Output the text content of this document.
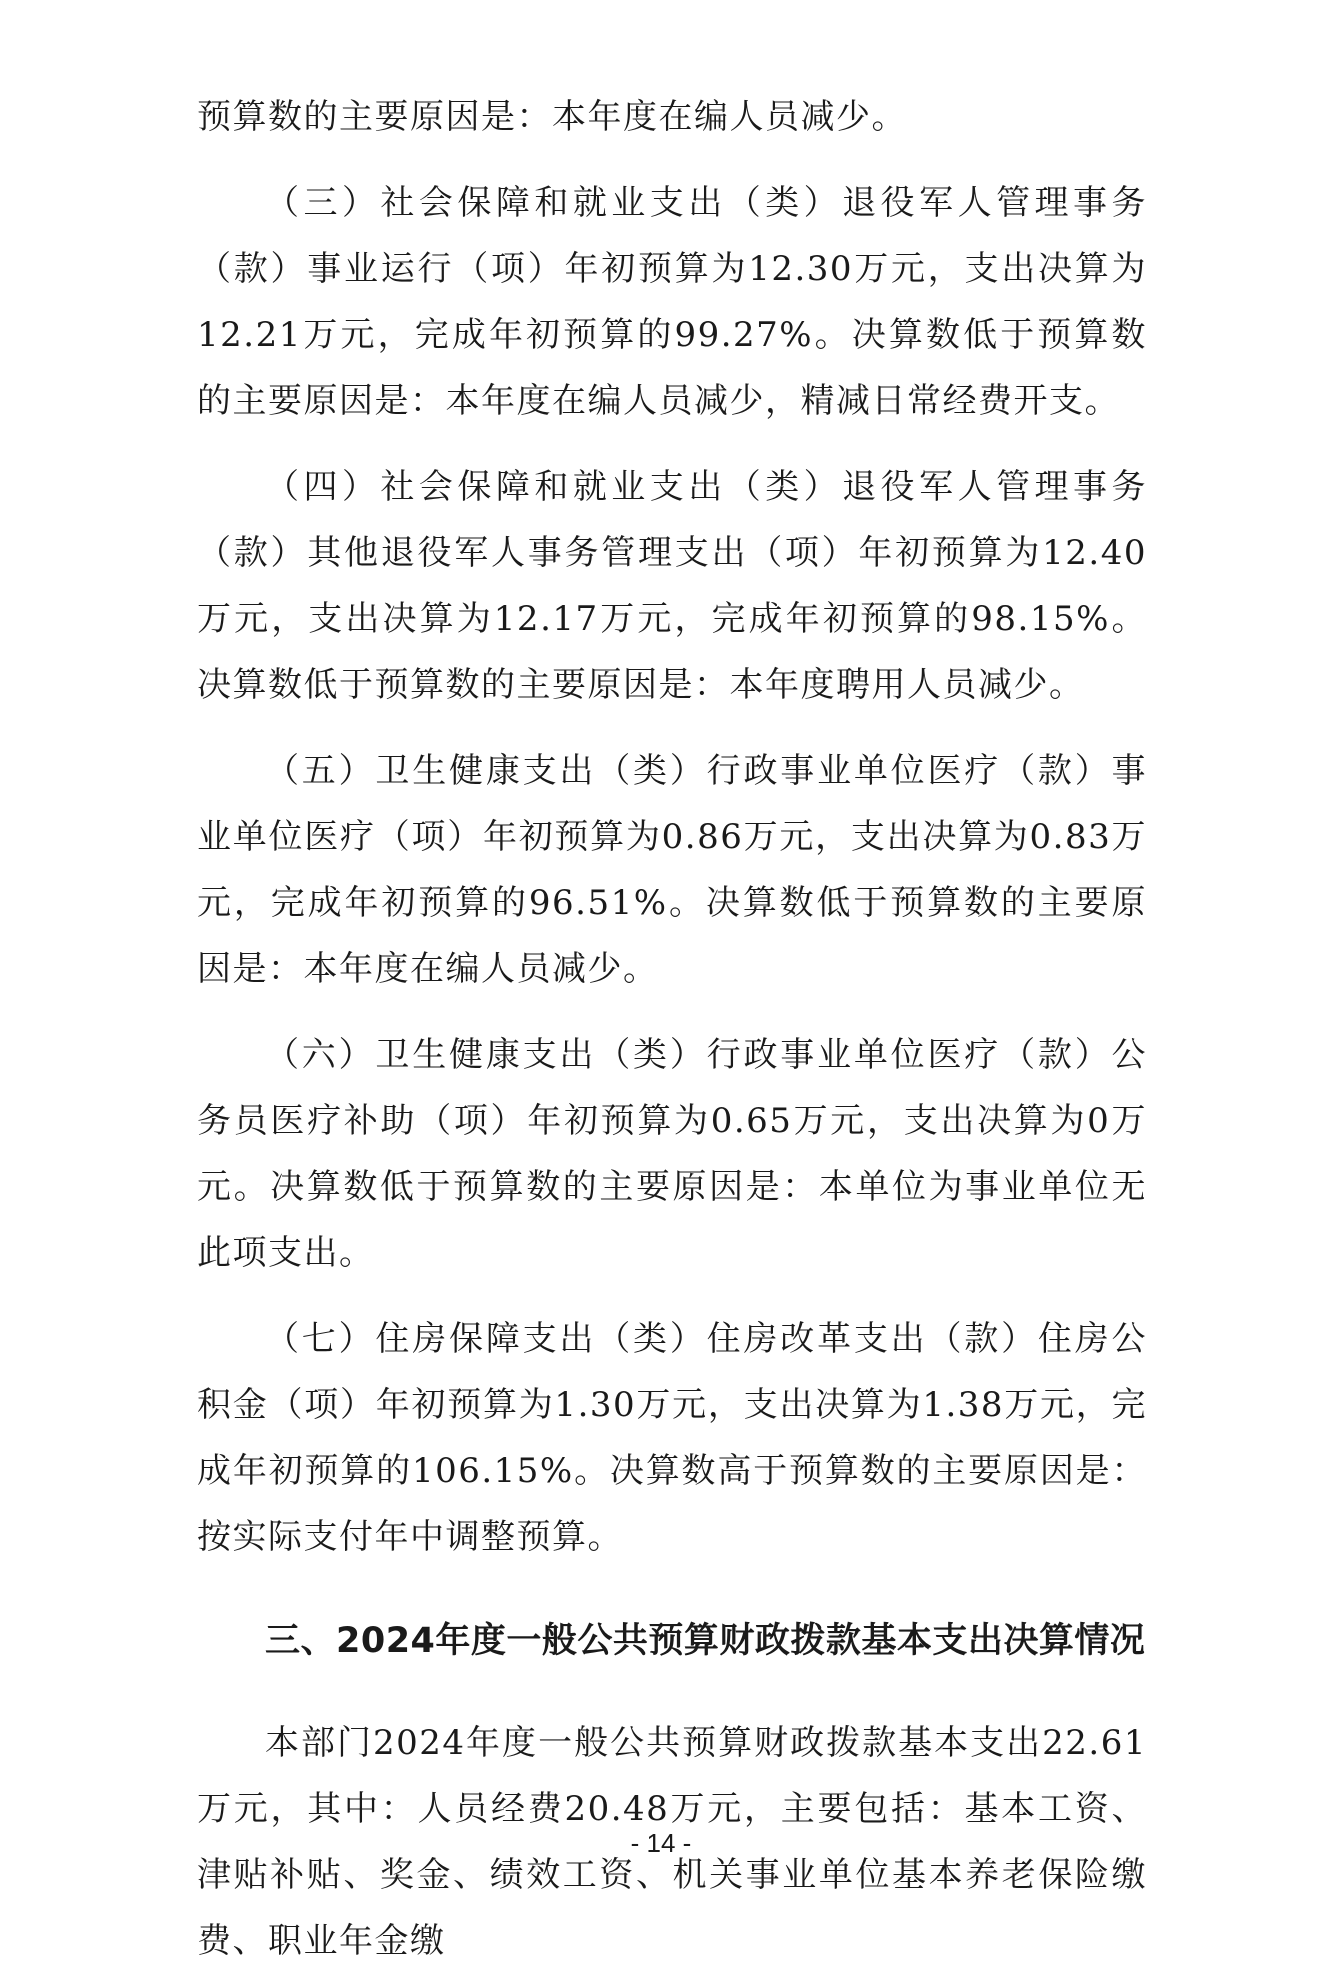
预算数的主要原因是：本年度在编人员减少。

（三）社会保障和就业支出（类）退役军人管理事务（款）事业运行（项）年初预算为12.30万元，支出决算为12.21万元，完成年初预算的99.27%。决算数低于预算数的主要原因是：本年度在编人员减少，精减日常经费开支。

（四）社会保障和就业支出（类）退役军人管理事务（款）其他退役军人事务管理支出（项）年初预算为12.40万元，支出决算为12.17万元，完成年初预算的98.15%。决算数低于预算数的主要原因是：本年度聘用人员减少。

（五）卫生健康支出（类）行政事业单位医疗（款）事业单位医疗（项）年初预算为0.86万元，支出决算为0.83万元，完成年初预算的96.51%。决算数低于预算数的主要原因是：本年度在编人员减少。

（六）卫生健康支出（类）行政事业单位医疗（款）公务员医疗补助（项）年初预算为0.65万元，支出决算为0万元。决算数低于预算数的主要原因是：本单位为事业单位无此项支出。

（七）住房保障支出（类）住房改革支出（款）住房公积金（项）年初预算为1.30万元，支出决算为1.38万元，完成年初预算的106.15%。决算数高于预算数的主要原因是：按实际支付年中调整预算。

三、2024年度一般公共预算财政拨款基本支出决算情况

本部门2024年度一般公共预算财政拨款基本支出22.61万元，其中：人员经费20.48万元，主要包括：基本工资、津贴补贴、奖金、绩效工资、机关事业单位基本养老保险缴费、职业年金缴

- 14 -
